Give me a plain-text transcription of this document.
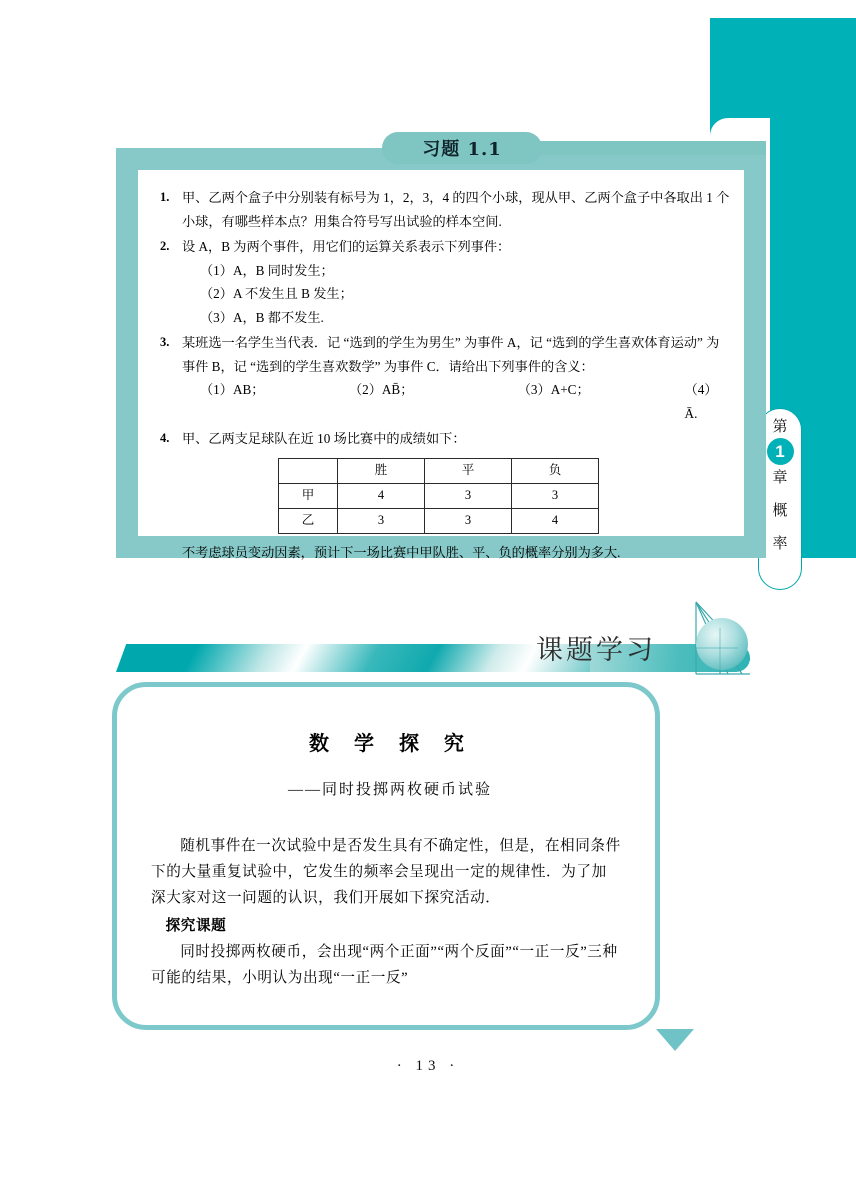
第
1
章
概
率
习题 1.1
1. 甲、乙两个盒子中分别装有标号为 1，2，3，4 的四个小球，现从甲、乙两个盒子中各取出 1 个小球，有哪些样本点？用集合符号写出试验的样本空间.
2. 设 A，B 为两个事件，用它们的运算关系表示下列事件：
（1）A，B 同时发生；
（2）A 不发生且 B 发生；
（3）A，B 都不发生.
3. 某班选一名学生当代表．记 “选到的学生为男生” 为事件 A，记 “选到的学生喜欢体育运动” 为事件 B，记 “选到的学生喜欢数学” 为事件 C．请给出下列事件的含义：
（1）AB；	（2）AB̄；	（3）A+C；	（4）Ā.
4. 甲、乙两支足球队在近 10 场比赛中的成绩如下：
	胜	平	负
甲	4	3	3
乙	3	3	4
不考虑球员变动因素，预计下一场比赛中甲队胜、平、负的概率分别为多大.
课题学习
数 学 探 究
——同时投掷两枚硬币试验

随机事件在一次试验中是否发生具有不确定性，但是，在相同条件下的大量重复试验中，它发生的频率会呈现出一定的规律性．为了加深大家对这一问题的认识，我们开展如下探究活动．

探究课题

同时投掷两枚硬币，会出现“两个正面”“两个反面”“一正一反”三种可能的结果，小明认为出现“一正一反”

· 13 ·
